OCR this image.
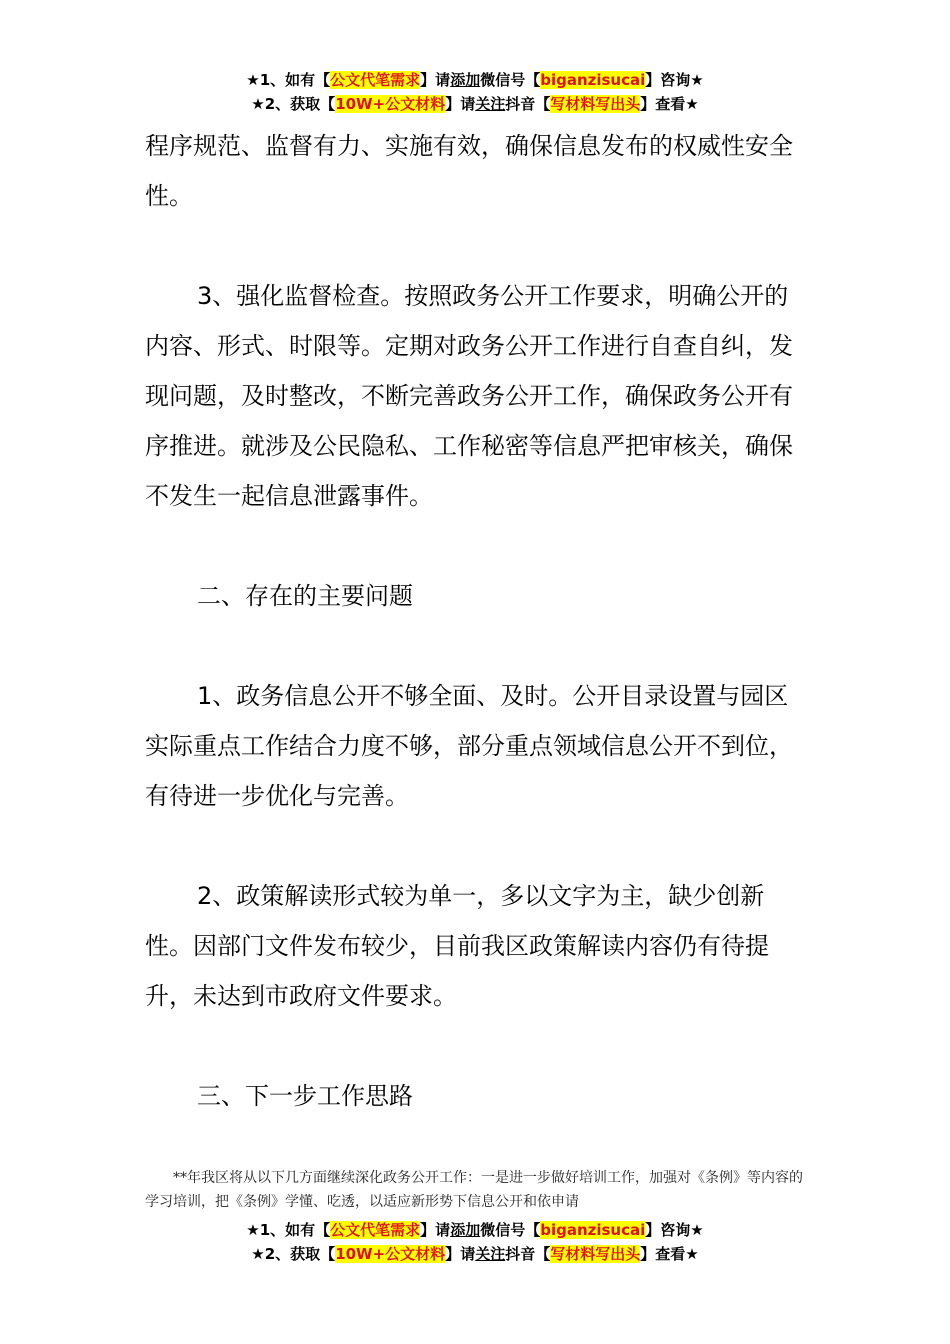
★1、如有【公文代笔需求】请添加微信号【biganzisucai】咨询★
★2、获取【10W+公文材料】请关注抖音【写材料写出头】查看★

程序规范、监督有力、实施有效，确保信息发布的权威性安全性。

3、强化监督检查。按照政务公开工作要求，明确公开的内容、形式、时限等。定期对政务公开工作进行自查自纠，发现问题，及时整改，不断完善政务公开工作，确保政务公开有序推进。就涉及公民隐私、工作秘密等信息严把审核关，确保不发生一起信息泄露事件。

二、存在的主要问题

1、政务信息公开不够全面、及时。公开目录设置与园区实际重点工作结合力度不够，部分重点领域信息公开不到位，有待进一步优化与完善。

2、政策解读形式较为单一，多以文字为主，缺少创新性。因部门文件发布较少，目前我区政策解读内容仍有待提升，未达到市政府文件要求。

三、下一步工作思路

**年我区将从以下几方面继续深化政务公开工作：一是进一步做好培训工作，加强对《条例》等内容的学习培训，把《条例》学懂、吃透，以适应新形势下信息公开和依申请
★1、如有【公文代笔需求】请添加微信号【biganzisucai】咨询★
★2、获取【10W+公文材料】请关注抖音【写材料写出头】查看★
